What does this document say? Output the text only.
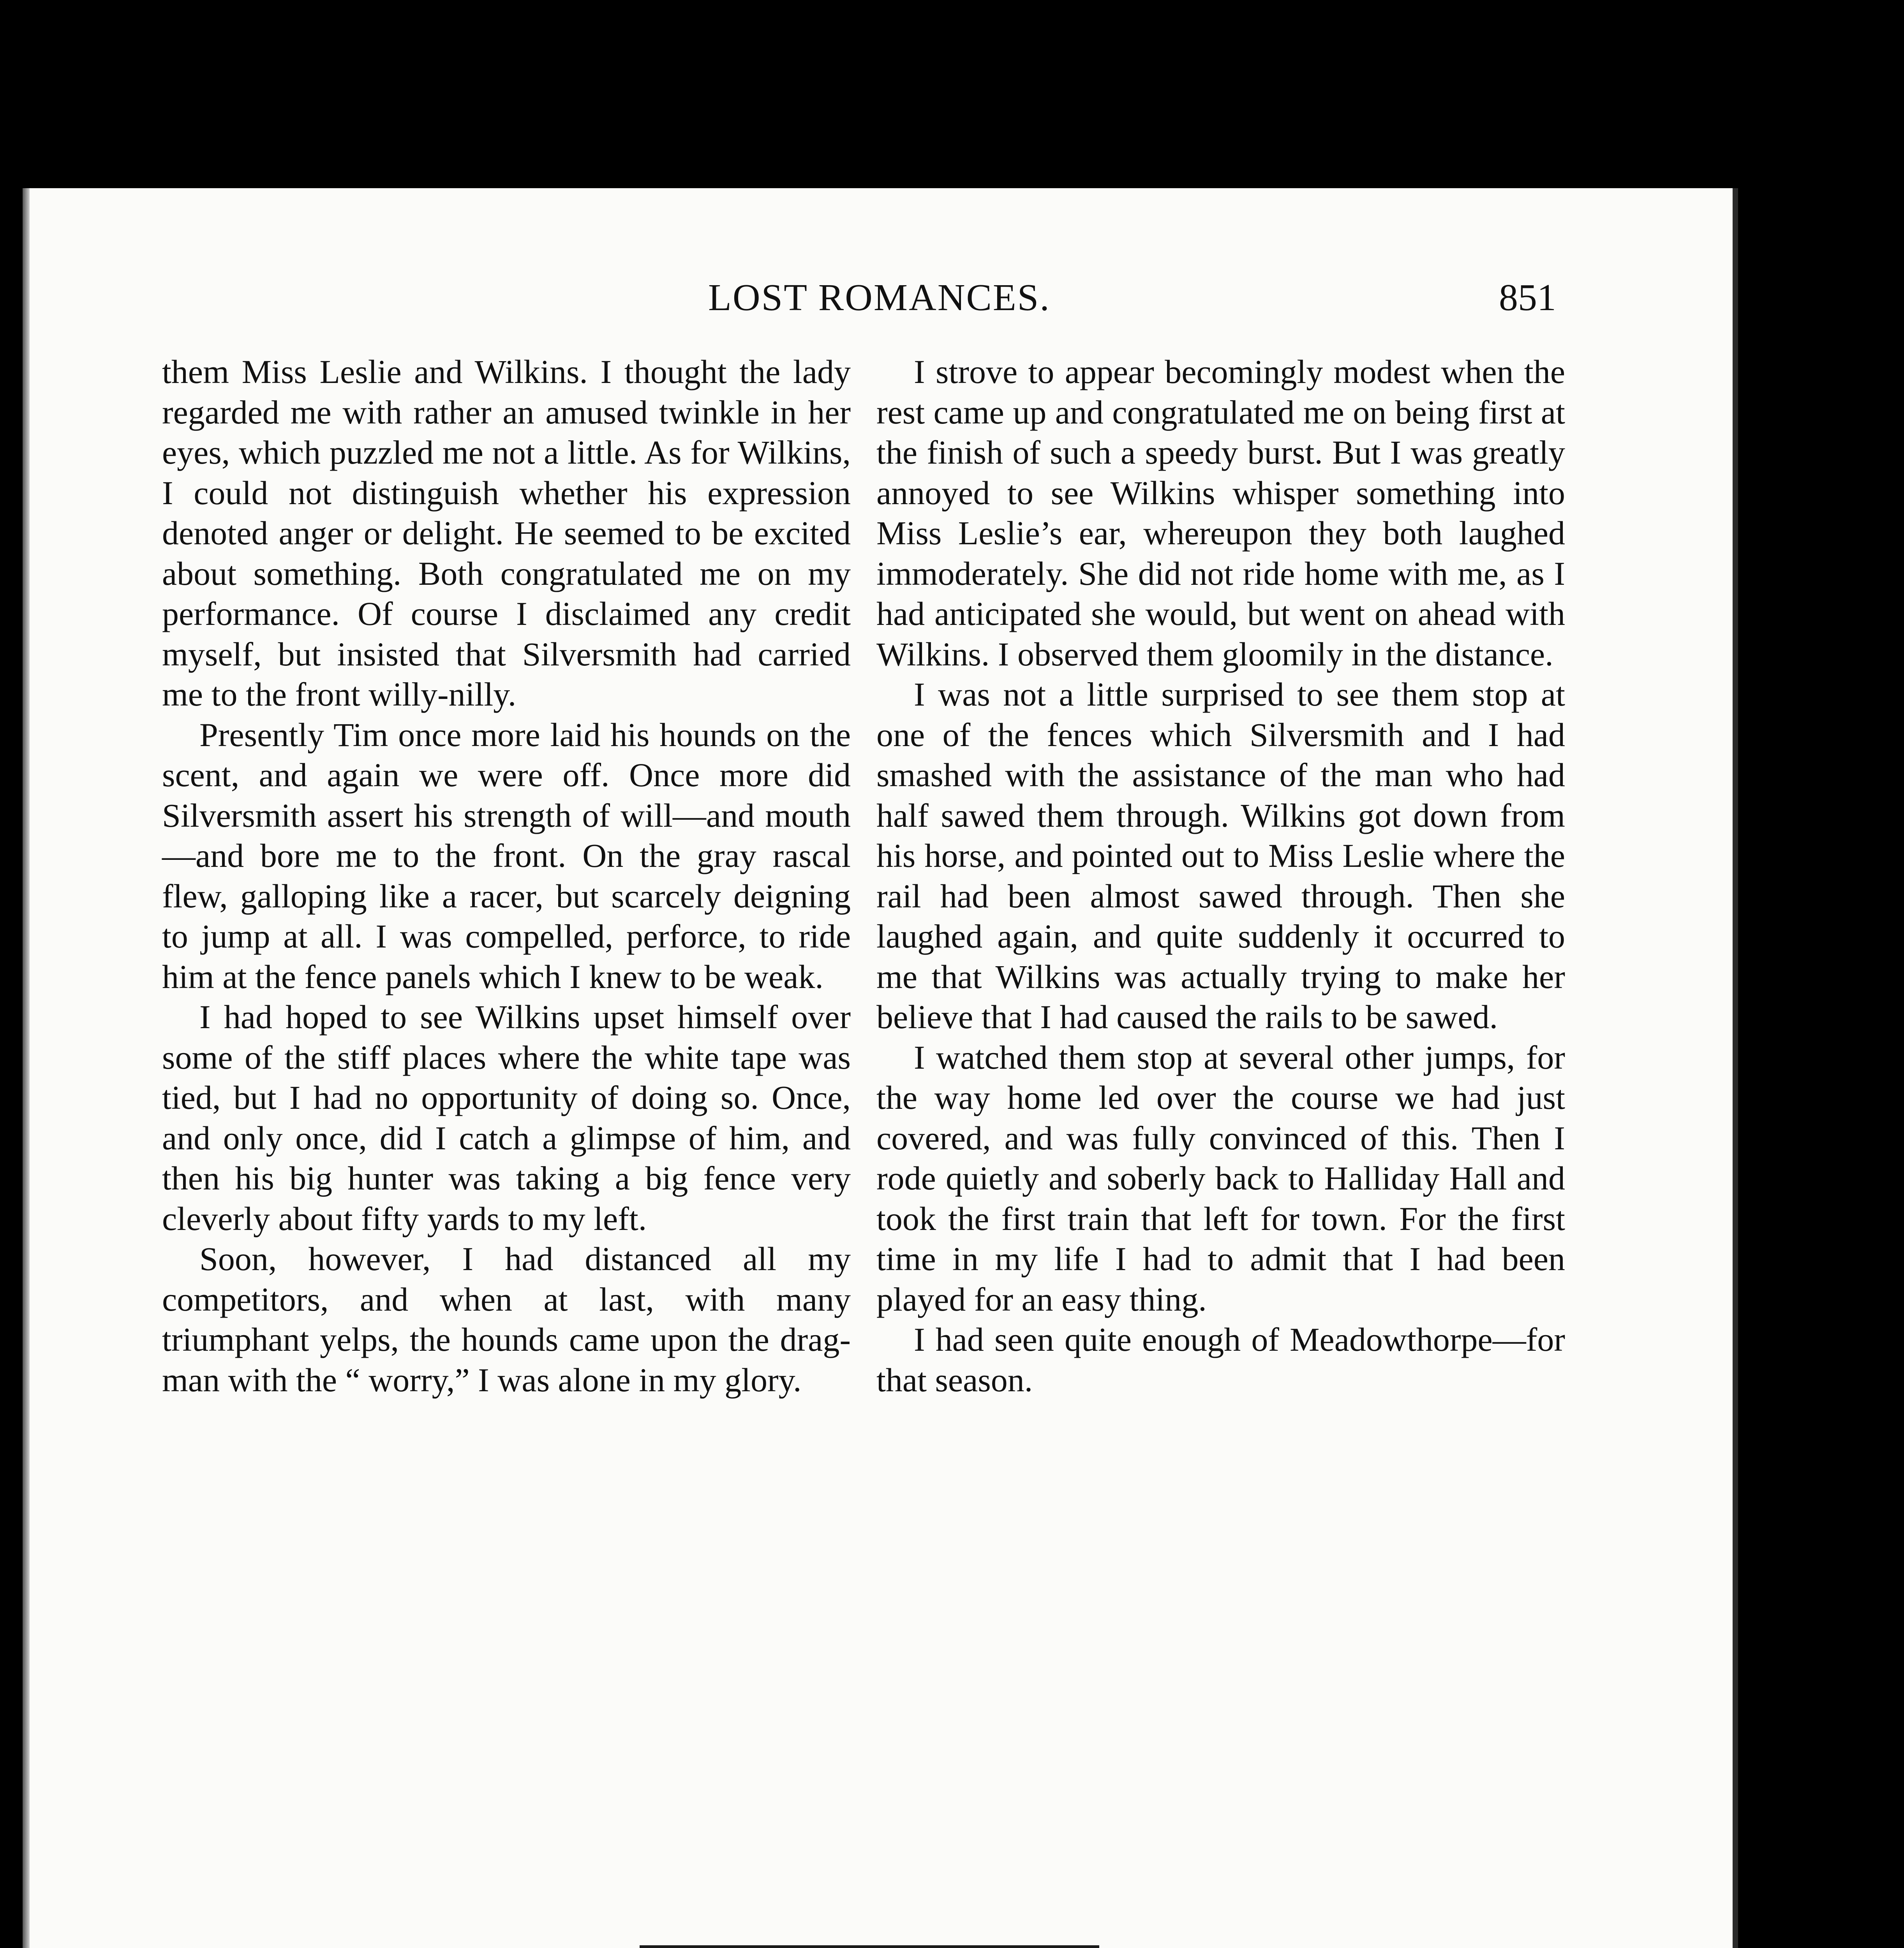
LOST ROMANCES.	851

them Miss Leslie and Wilkins. I thought the lady regarded me with rather an amused twinkle in her eyes, which puzzled me not a little. As for Wilkins, I could not distinguish whether his expression denoted anger or delight. He seemed to be excited about something. Both congratulated me on my performance. Of course I disclaimed any credit myself, but insisted that Silversmith had carried me to the front willy-nilly.

Presently Tim once more laid his hounds on the scent, and again we were off. Once more did Silversmith assert his strength of will—and mouth—and bore me to the front. On the gray rascal flew, galloping like a racer, but scarcely deigning to jump at all. I was compelled, perforce, to ride him at the fence panels which I knew to be weak.

I had hoped to see Wilkins upset himself over some of the stiff places where the white tape was tied, but I had no opportunity of doing so. Once, and only once, did I catch a glimpse of him, and then his big hunter was taking a big fence very cleverly about fifty yards to my left.

Soon, however, I had distanced all my competitors, and when at last, with many triumphant yelps, the hounds came upon the drag-man with the “ worry,” I was alone in my glory.

I strove to appear becomingly modest when the rest came up and congratulated me on being first at the finish of such a speedy burst. But I was greatly annoyed to see Wilkins whisper something into Miss Leslie’s ear, whereupon they both laughed immoderately. She did not ride home with me, as I had anticipated she would, but went on ahead with Wilkins. I observed them gloomily in the distance.

I was not a little surprised to see them stop at one of the fences which Silversmith and I had smashed with the assistance of the man who had half sawed them through. Wilkins got down from his horse, and pointed out to Miss Leslie where the rail had been almost sawed through. Then she laughed again, and quite suddenly it occurred to me that Wilkins was actually trying to make her believe that I had caused the rails to be sawed.

I watched them stop at several other jumps, for the way home led over the course we had just covered, and was fully convinced of this. Then I rode quietly and soberly back to Halliday Hall and took the first train that left for town. For the first time in my life I had to admit that I had been played for an easy thing.

I had seen quite enough of Meadowthorpe—for that season.
